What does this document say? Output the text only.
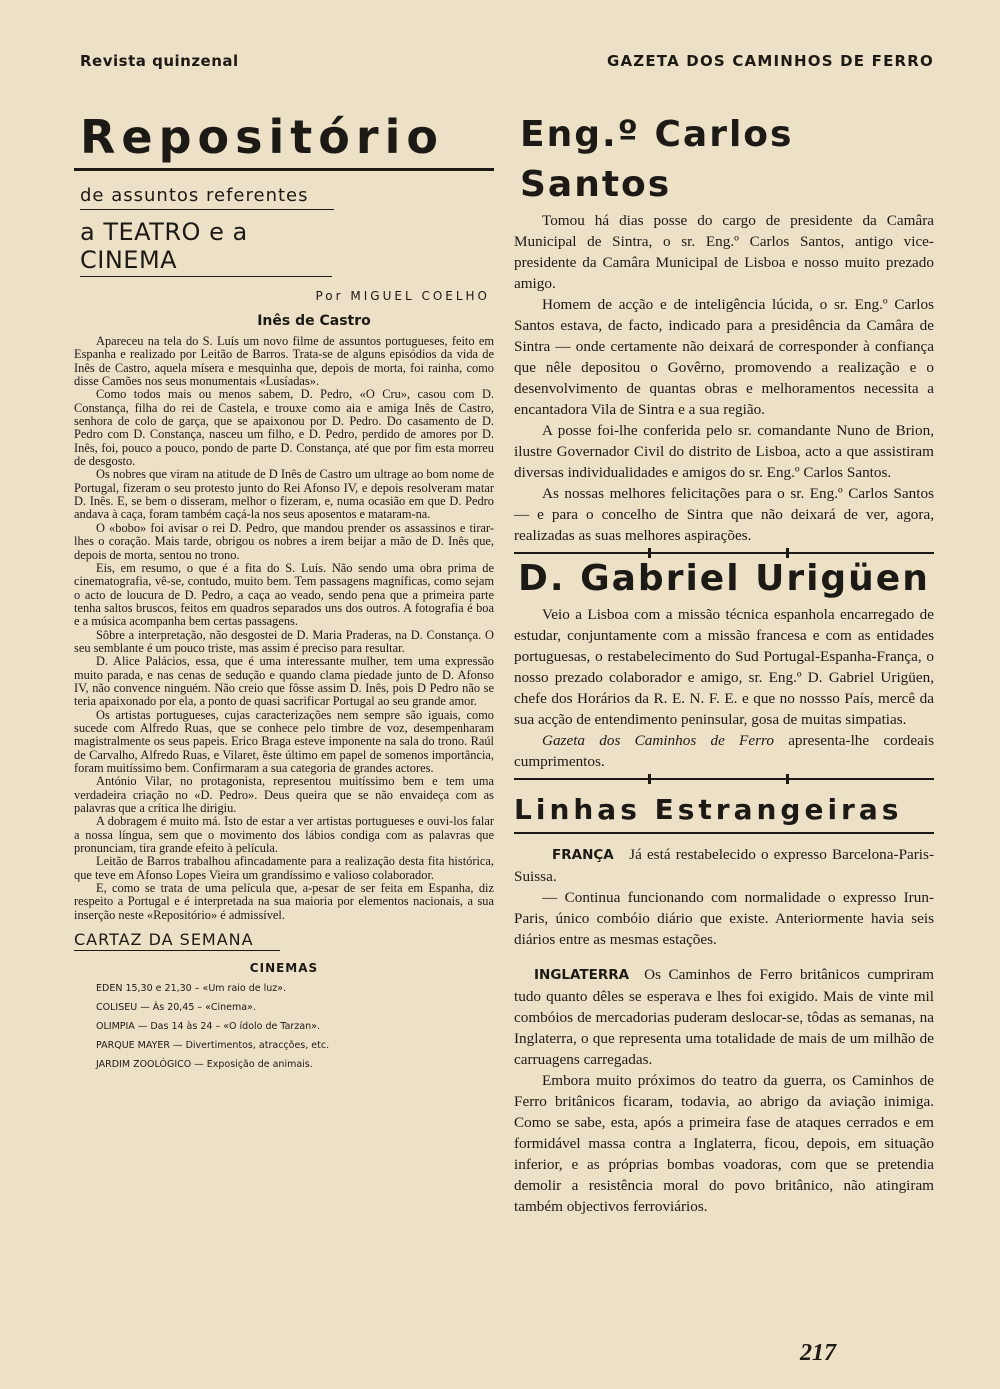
Revista quinzenal	GAZETA DOS CAMINHOS DE FERRO
Repositório
de assuntos referentes
a TEATRO e a CINEMA
Por MIGUEL COELHO
Inês de Castro

Apareceu na tela do S. Luís um novo filme de assuntos portugueses, feito em Espanha e realizado por Leitão de Barros. Trata-se de alguns episódios da vida de Inês de Castro, aquela mísera e mesquinha que, depois de morta, foi rainha, como disse Camões nos seus monumentais «Lusíadas».

Como todos mais ou menos sabem, D. Pedro, «O Cru», casou com D. Constança, filha do rei de Castela, e trouxe como aia e amiga Inês de Castro, senhora de colo de garça, que se apaixonou por D. Pedro. Do casamento de D. Pedro com D. Constança, nasceu um filho, e D. Pedro, perdido de amores por D. Inês, foi, pouco a pouco, pondo de parte D. Constança, até que por fim esta morreu de desgosto.

Os nobres que viram na atitude de D Inês de Castro um ultrage ao bom nome de Portugal, fizeram o seu protesto junto do Rei Afonso IV, e depois resolveram matar D. Inês. E, se bem o disseram, melhor o fizeram, e, numa ocasião em que D. Pedro andava à caça, foram também caçá-la nos seus aposentos e mataram-na.

O «bobo» foi avisar o rei D. Pedro, que mandou prender os assassinos e tirar-lhes o coração. Mais tarde, obrigou os nobres a irem beijar a mão de D. Inês que, depois de morta, sentou no trono.

Eis, em resumo, o que é a fita do S. Luís. Não sendo uma obra prima de cinematografia, vê-se, contudo, muito bem. Tem passagens magníficas, como sejam o acto de loucura de D. Pedro, a caça ao veado, sendo pena que a primeira parte tenha saltos bruscos, feitos em quadros separados uns dos outros. A fotografia é boa e a música acompanha bem certas passagens.

Sôbre a interpretação, não desgostei de D. Maria Praderas, na D. Constança. O seu semblante é um pouco triste, mas assim é preciso para resultar.

D. Alice Palácios, essa, que é uma interessante mulher, tem uma expressão muito parada, e nas cenas de sedução e quando clama piedade junto de D. Afonso IV, não convence ninguém. Não creio que fôsse assim D. Inês, pois D Pedro não se teria apaixonado por ela, a ponto de quasi sacrificar Portugal ao seu grande amor.

Os artistas portugueses, cujas caracterizações nem sempre são iguais, como sucede com Alfredo Ruas, que se conhece pelo timbre de voz, desempenharam magistralmente os seus papeis. Erico Braga esteve imponente na sala do trono. Raúl de Carvalho, Alfredo Ruas, e Vilaret, êste último em papel de somenos importância, foram muitíssimo bem. Confirmaram a sua categoria de grandes actores.

António Vilar, no protagonista, representou muitíssimo bem e tem uma verdadeira criação no «D. Pedro». Deus queira que se não envaideça com as palavras que a crítica lhe dirigiu.

A dobragem é muito má. Isto de estar a ver artistas portugueses e ouvi-los falar a nossa língua, sem que o movimento dos lábios condiga com as palavras que pronunciam, tira grande efeito à película.

Leitão de Barros trabalhou afincadamente para a realização desta fita histórica, que teve em Afonso Lopes Vieira um grandíssimo e valioso colaborador.

E, como se trata de uma película que, a-pesar de ser feita em Espanha, diz respeito a Portugal e é interpretada na sua maioria por elementos nacionais, a sua inserção neste «Repositório» é admissível.

CARTAZ DA SEMANA
CINEMAS
EDEN 15,30 e 21,30 – «Um raio de luz».
COLISEU — Às 20,45 – «Cinema».
OLIMPIA — Das 14 às 24 – «O ídolo de Tarzan».
PARQUE MAYER — Divertimentos, atracções, etc.
JARDIM ZOOLÓGICO — Exposição de animais.
Eng.º Carlos Santos

Tomou há dias posse do cargo de presidente da Camâra Municipal de Sintra, o sr. Eng.º Carlos Santos, antigo vice-presidente da Camâra Municipal de Lisboa e nosso muito prezado amigo.

Homem de acção e de inteligência lúcida, o sr. Eng.º Carlos Santos estava, de facto, indicado para a presidência da Camâra de Sintra — onde certamente não deixará de corresponder à confiança que nêle depositou o Govêrno, promovendo a realização e o desenvolvimento de quantas obras e melhoramentos necessita a encantadora Vila de Sintra e a sua região.

A posse foi-lhe conferida pelo sr. comandante Nuno de Brion, ilustre Governador Civil do distrito de Lisboa, acto a que assistiram diversas individualidades e amigos do sr. Eng.º Carlos Santos.

As nossas melhores felicitações para o sr. Eng.º Carlos Santos — e para o concelho de Sintra que não deixará de ver, agora, realizadas as suas melhores aspirações.

D. Gabriel Urigüen

Veio a Lisboa com a missão técnica espanhola encarregado de estudar, conjuntamente com a missão francesa e com as entidades portuguesas, o restabelecimento do Sud Portugal-Espanha-França, o nosso prezado colaborador e amigo, sr. Eng.º D. Gabriel Urigüen, chefe dos Horários da R. E. N. F. E. e que no nossso País, mercê da sua acção de entendimento peninsular, gosa de muitas simpatias.

Gazeta dos Caminhos de Ferro apresenta-lhe cordeais cumprimentos.

Linhas Estrangeiras

FRANÇA Já está restabelecido o expresso Barcelona-Paris-Suissa.

— Continua funcionando com normalidade o expresso Irun-Paris, único combóio diário que existe. Anteriormente havia seis diários entre as mesmas estações.

INGLATERRA Os Caminhos de Ferro britânicos cumpriram tudo quanto dêles se esperava e lhes foi exigido. Mais de vinte mil combóios de mercadorias puderam deslocar-se, tôdas as semanas, na Inglaterra, o que representa uma totalidade de mais de um milhão de carruagens carregadas.

Embora muito próximos do teatro da guerra, os Caminhos de Ferro britânicos ficaram, todavia, ao abrigo da aviação inimiga. Como se sabe, esta, após a primeira fase de ataques cerrados e em formidável massa contra a Inglaterra, ficou, depois, em situação inferior, e as próprias bombas voadoras, com que se pretendia demolir a resistência moral do povo britânico, não atingiram também objectivos ferroviários.

217
